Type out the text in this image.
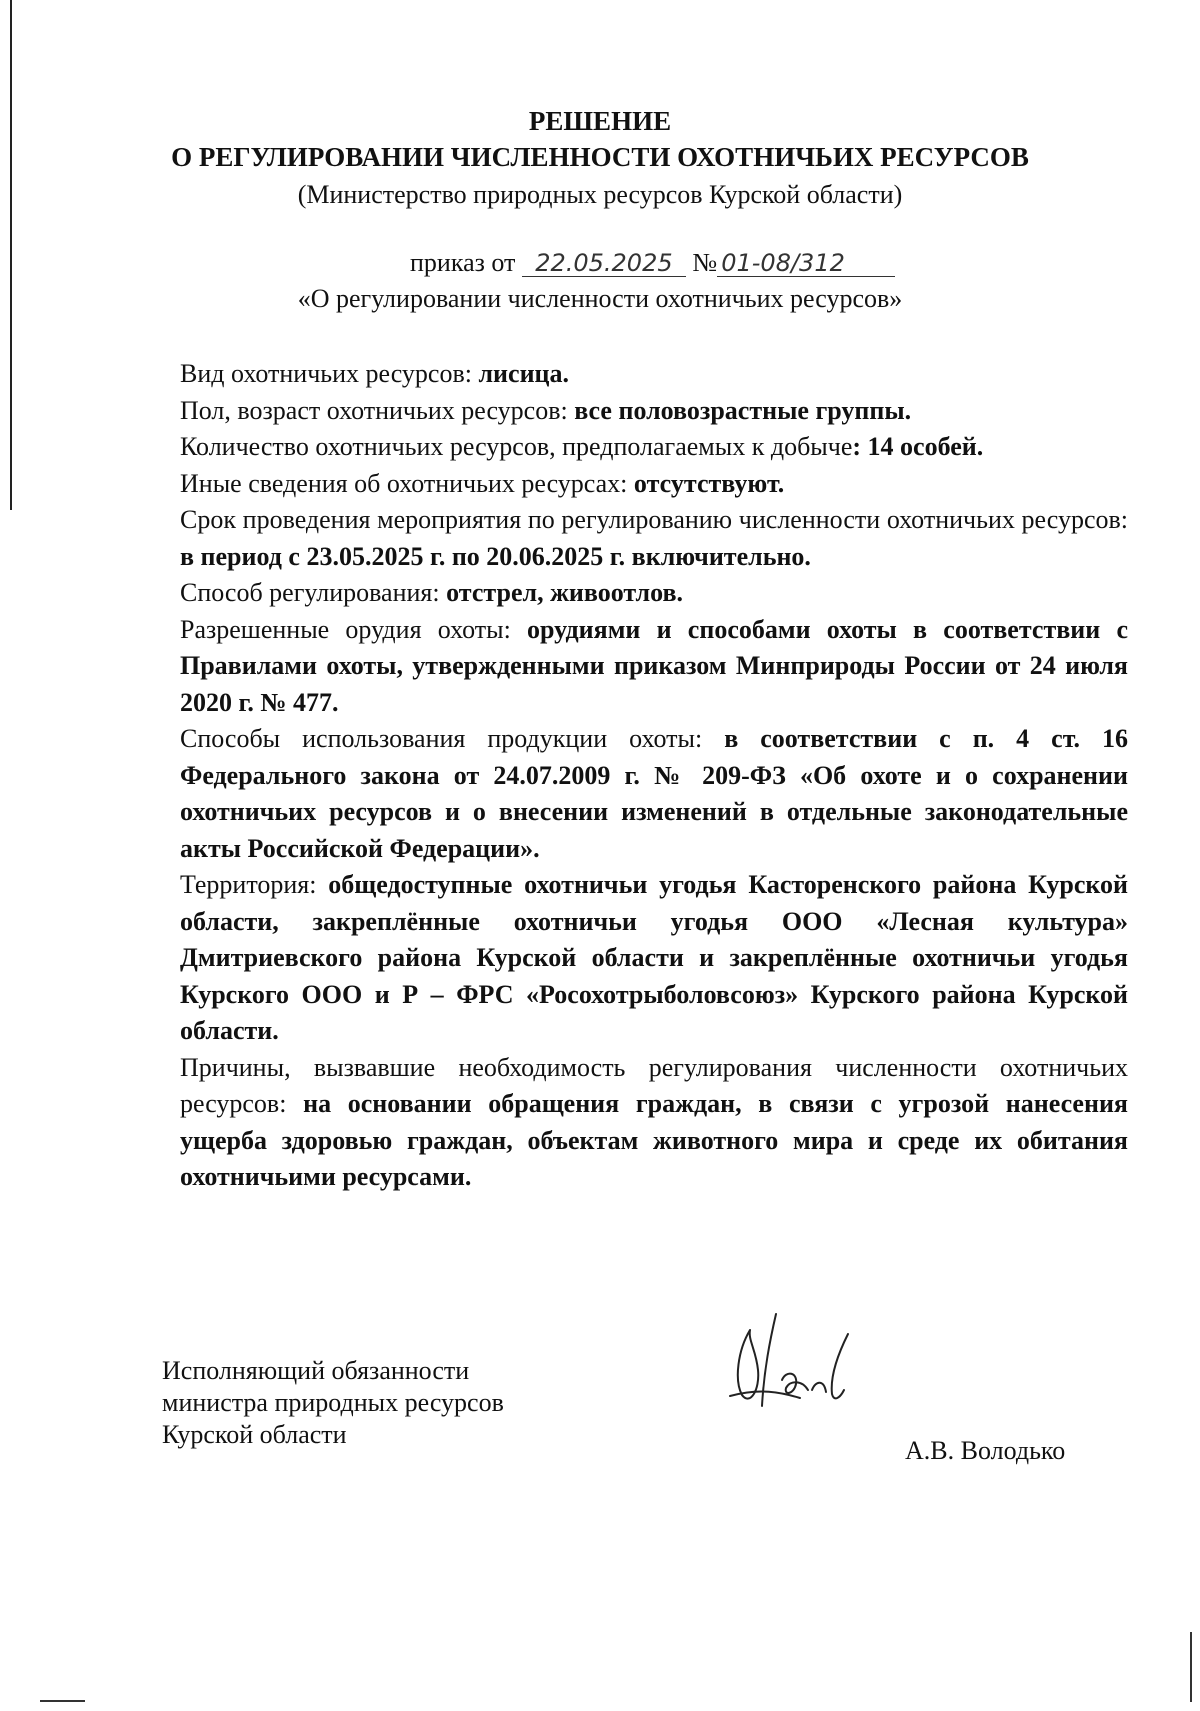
РЕШЕНИЕ
О РЕГУЛИРОВАНИИ ЧИСЛЕННОСТИ ОХОТНИЧЬИХ РЕСУРСОВ
(Министерство природных ресурсов Курской области)
приказ от 22.05.2025 № 01-08/312
«О регулировании численности охотничьих ресурсов»

Вид охотничьих ресурсов: лисица.

Пол, возраст охотничьих ресурсов: все половозрастные группы.

Количество охотничьих ресурсов, предполагаемых к добыче: 14 особей.

Иные сведения об охотничьих ресурсах: отсутствуют.

Срок проведения мероприятия по регулированию численности охотничьих ресурсов: в период с 23.05.2025 г. по 20.06.2025 г. включительно.

Способ регулирования: отстрел, живоотлов.

Разрешенные орудия охоты: орудиями и способами охоты в соответствии с Правилами охоты, утвержденными приказом Минприроды России от 24 июля 2020 г. № 477.

Способы использования продукции охоты: в соответствии с п. 4 ст. 16 Федерального закона от 24.07.2009 г. № 209-ФЗ «Об охоте и о сохранении охотничьих ресурсов и о внесении изменений в отдельные законодательные акты Российской Федерации».

Территория: общедоступные охотничьи угодья Касторенского района Курской области, закреплённые охотничьи угодья ООО «Лесная культура» Дмитриевского района Курской области и закреплённые охотничьи угодья Курского ООО и Р – ФРС «Росохотрыболовсоюз» Курского района Курской области.

Причины, вызвавшие необходимость регулирования численности охотничьих ресурсов: на основании обращения граждан, в связи с угрозой нанесения ущерба здоровью граждан, объектам животного мира и среде их обитания охотничьими ресурсами.

Исполняющий обязанности
министра природных ресурсов
Курской области
А.В. Володько
